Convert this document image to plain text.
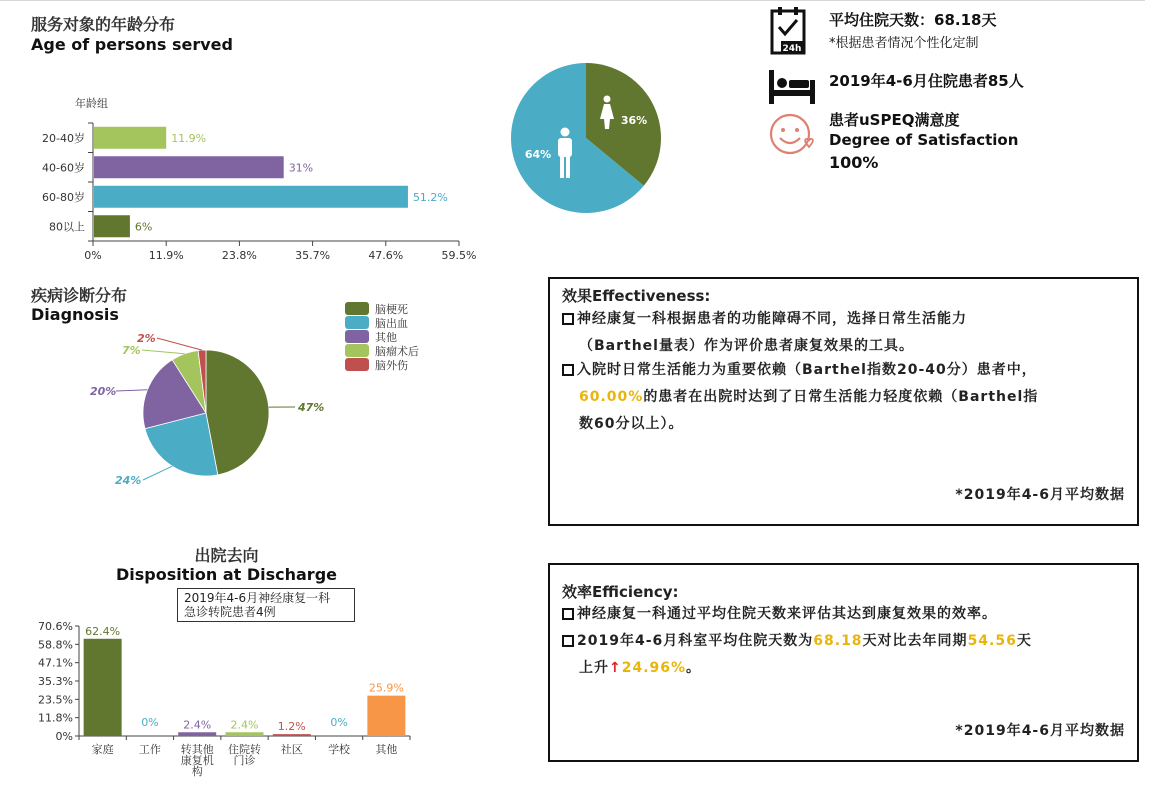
服务对象的年龄分布
Age of persons served
年龄组
20-40岁	11.9%
40-60岁	31%
60-80岁	51.2%
80以上	6%
0%	11.9%	23.8%	35.7%	47.6%	59.5%
36%
64%
24h
平均住院天数：68.18天
*根据患者情况个性化定制
2019年4-6月住院患者85人
患者uSPEQ满意度
Degree of Satisfaction
100%
疾病诊断分布
Diagnosis
47%
24%
20%
7%
2%
脑梗死
脑出血
其他
脑瘤术后
脑外伤
效果Effectiveness:
神经康复一科根据患者的功能障碍不同，选择日常生活能力
（Barthel量表）作为评价患者康复效果的工具。
入院时日常生活能力为重要依赖（Barthel指数20-40分）患者中，
60.00%的患者在出院时达到了日常生活能力轻度依赖（Barthel指
数60分以上）。
*2019年4-6月平均数据
出院去向
Disposition at Discharge
2019年4-6月神经康复一科
急诊转院患者4例
0%
11.8%
23.5%
35.3%
47.1%
58.8%
70.6% 62.4%
家庭
0%
工作
2.4%
转其他
康复机
构
2.4%
住院转
门诊
1.2%
社区
0%
学校
25.9%
其他
效率Efficiency:
神经康复一科通过平均住院天数来评估其达到康复效果的效率。
2019年4-6月科室平均住院天数为68.18天对比去年同期54.56天
上升↑24.96%。
*2019年4-6月平均数据
